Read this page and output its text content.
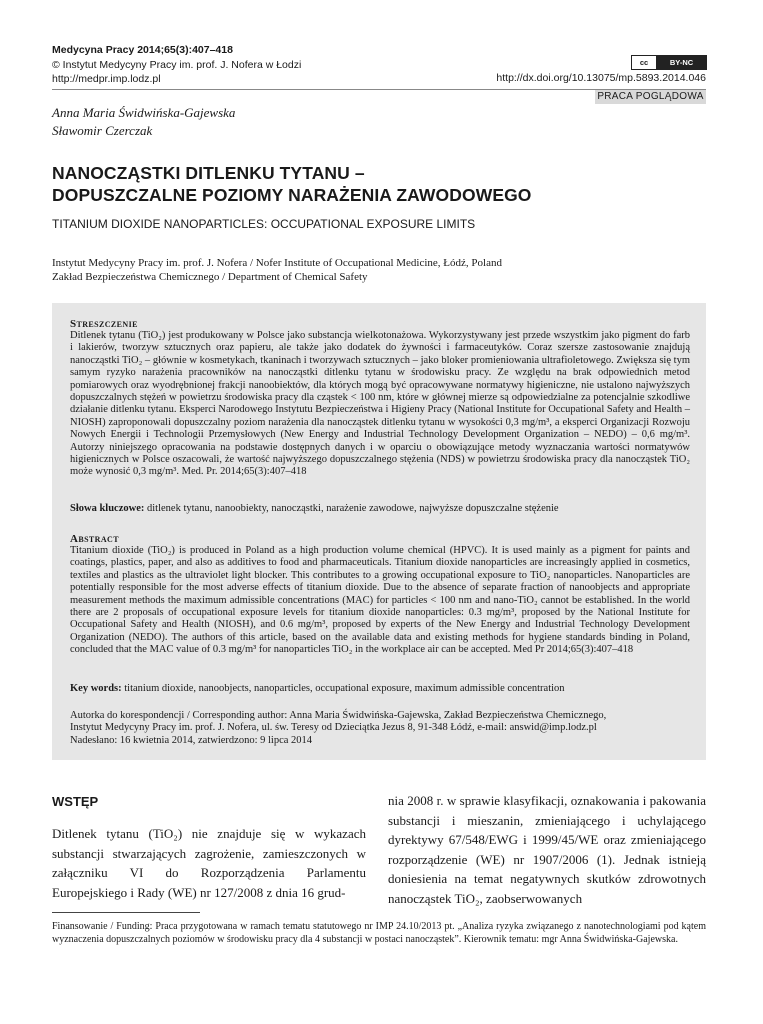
Medycyna Pracy 2014;65(3):407–418
© Instytut Medycyny Pracy im. prof. J. Nofera w Łodzi
http://medpr.imp.lodz.pl
cc	BY-NC
http://dx.doi.org/10.13075/mp.5893.2014.046
PRACA POGLĄDOWA
Anna Maria Świdwińska-Gajewska
Sławomir Czerczak
NANOCZĄSTKI DITLENKU TYTANU –
DOPUSZCZALNE POZIOMY NARAŻENIA ZAWODOWEGO
TITANIUM DIOXIDE NANOPARTICLES: OCCUPATIONAL EXPOSURE LIMITS
Instytut Medycyny Pracy im. prof. J. Nofera / Nofer Institute of Occupational Medicine, Łódź, Poland
Zakład Bezpieczeństwa Chemicznego / Department of Chemical Safety
Streszczenie
Ditlenek tytanu (TiO₂) jest produkowany w Polsce jako substancja wielkotonażowa. Wykorzystywany jest przede wszystkim jako pigment do farb i lakierów, tworzyw sztucznych oraz papieru, ale także jako dodatek do żywności i farmaceutyków. Coraz szersze zastosowanie znajdują nanocząstki TiO₂ – głównie w kosmetykach, tkaninach i tworzywach sztucznych – jako bloker promieniowania ultrafioletowego. Zwiększa się tym samym ryzyko narażenia pracowników na nanocząstki ditlenku tytanu w środowisku pracy. Ze względu na brak odpowiednich metod pomiarowych oraz wyodrębnionej frakcji nanoobiektów, dla których mogą być opracowywane normatywy higieniczne, nie ustalono najwyższych dopuszczalnych stężeń w powietrzu środowiska pracy dla cząstek < 100 nm, które w głównej mierze są odpowiedzialne za potencjalnie szkodliwe działanie ditlenku tytanu. Eksperci Narodowego Instytutu Bezpieczeństwa i Higieny Pracy (National Institute for Occupational Safety and Health – NIOSH) zaproponowali dopuszczalny poziom narażenia dla nanocząstek ditlenku tytanu w wysokości 0,3 mg/m³, a eksperci Organizacji Rozwoju Nowych Energii i Technologii Przemysłowych (New Energy and Industrial Technology Development Organization – NEDO) – 0,6 mg/m³. Autorzy niniejszego opracowania na podstawie dostępnych danych i w oparciu o obowiązujące metody wyznaczania wartości normatywów higienicznych w Polsce oszacowali, że wartość najwyższego dopuszczalnego stężenia (NDS) w powietrzu środowiska pracy dla nanocząstek TiO₂ może wynosić 0,3 mg/m³. Med. Pr. 2014;65(3):407–418
Słowa kluczowe: ditlenek tytanu, nanoobiekty, nanocząstki, narażenie zawodowe, najwyższe dopuszczalne stężenie
Abstract
Titanium dioxide (TiO₂) is produced in Poland as a high production volume chemical (HPVC). It is used mainly as a pigment for paints and coatings, plastics, paper, and also as additives to food and pharmaceuticals. Titanium dioxide nanoparticles are increasingly applied in cosmetics, textiles and plastics as the ultraviolet light blocker. This contributes to a growing occupational exposure to TiO₂ nanoparticles. Nanoparticles are potentially responsible for the most adverse effects of titanium dioxide. Due to the absence of separate fraction of nanoobjects and appropriate measurement methods the maximum admissible concentrations (MAC) for particles < 100 nm and nano-TiO₂ cannot be established. In the world there are 2 proposals of occupational exposure levels for titanium dioxide nanoparticles: 0.3 mg/m³, proposed by the National Institute for Occupational Safety and Health (NIOSH), and 0.6 mg/m³, proposed by experts of the New Energy and Industrial Technology Development Organization (NEDO). The authors of this article, based on the available data and existing methods for hygiene standards binding in Poland, concluded that the MAC value of 0.3 mg/m³ for nanoparticles TiO₂ in the workplace air can be accepted. Med Pr 2014;65(3):407–418
Key words: titanium dioxide, nanoobjects, nanoparticles, occupational exposure, maximum admissible concentration
Autorka do korespondencji / Corresponding author: Anna Maria Świdwińska-Gajewska, Zakład Bezpieczeństwa Chemicznego,
Instytut Medycyny Pracy im. prof. J. Nofera, ul. św. Teresy od Dzieciątka Jezus 8, 91-348 Łódź, e-mail: answid@imp.lodz.pl
Nadesłano: 16 kwietnia 2014, zatwierdzono: 9 lipca 2014
WSTĘP
Ditlenek tytanu (TiO₂) nie znajduje się w wykazach substancji stwarzających zagrożenie, zamieszczonych w załączniku VI do Rozporządzenia Parlamentu Europejskiego i Rady (WE) nr 127/2008 z dnia 16 grud-
nia 2008 r. w sprawie klasyfikacji, oznakowania i pakowania substancji i mieszanin, zmieniającego i uchylającego dyrektywy 67/548/EWG i 1999/45/WE oraz zmieniającego rozporządzenie (WE) nr 1907/2006 (1). Jednak istnieją doniesienia na temat negatywnych skutków zdrowotnych nanocząstek TiO₂, zaobserwowanych
Finansowanie / Funding: Praca przygotowana w ramach tematu statutowego nr IMP 24.10/2013 pt. „Analiza ryzyka związanego z nanotechnologiami pod kątem wyznaczenia dopuszczalnych poziomów w środowisku pracy dla 4 substancji w postaci nanocząstek”. Kierownik tematu: mgr Anna Świdwińska-Gajewska.
